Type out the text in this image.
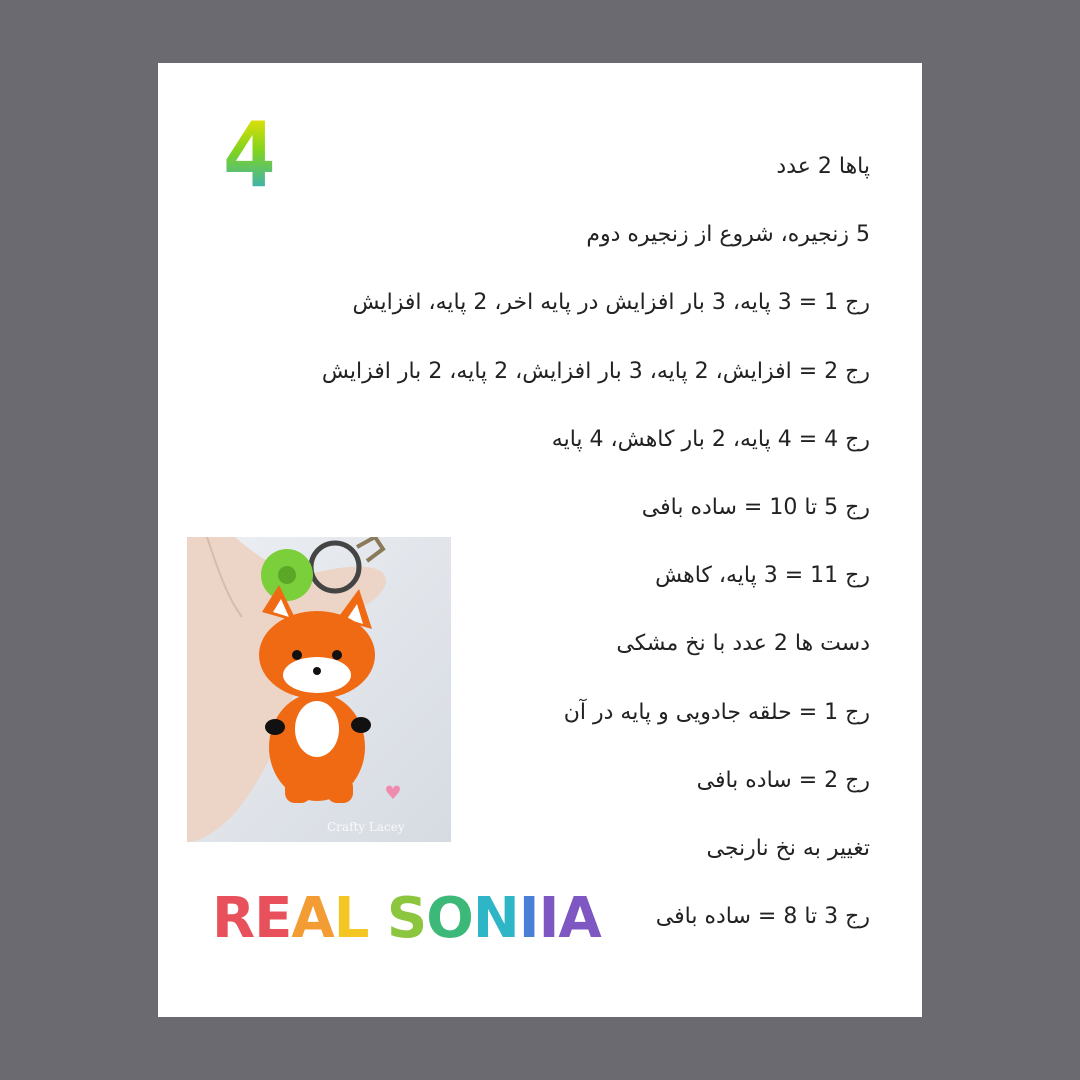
4	پاها 2 عدد
5 زنجیره، شروع از زنجیره دوم
رج 1 = 3 پایه، 3 بار افزایش در پایه اخر، 2 پایه، افزایش
رج 2 = افزایش، 2 پایه، 3 بار افزایش، 2 پایه، 2 بار افزایش
رج 4 = 4 پایه، 2 بار کاهش، 4 پایه
رج 5 تا 10 = ساده بافی
رج 11 = 3 پایه، کاهش
دست ها 2 عدد با نخ مشکی
رج 1 = حلقه جادویی و پایه در آن
رج 2 = ساده بافی
تغییر به نخ نارنجی
رج 3 تا 8 = ساده بافی
Crafty Lacey
RE A L S O N I IA
